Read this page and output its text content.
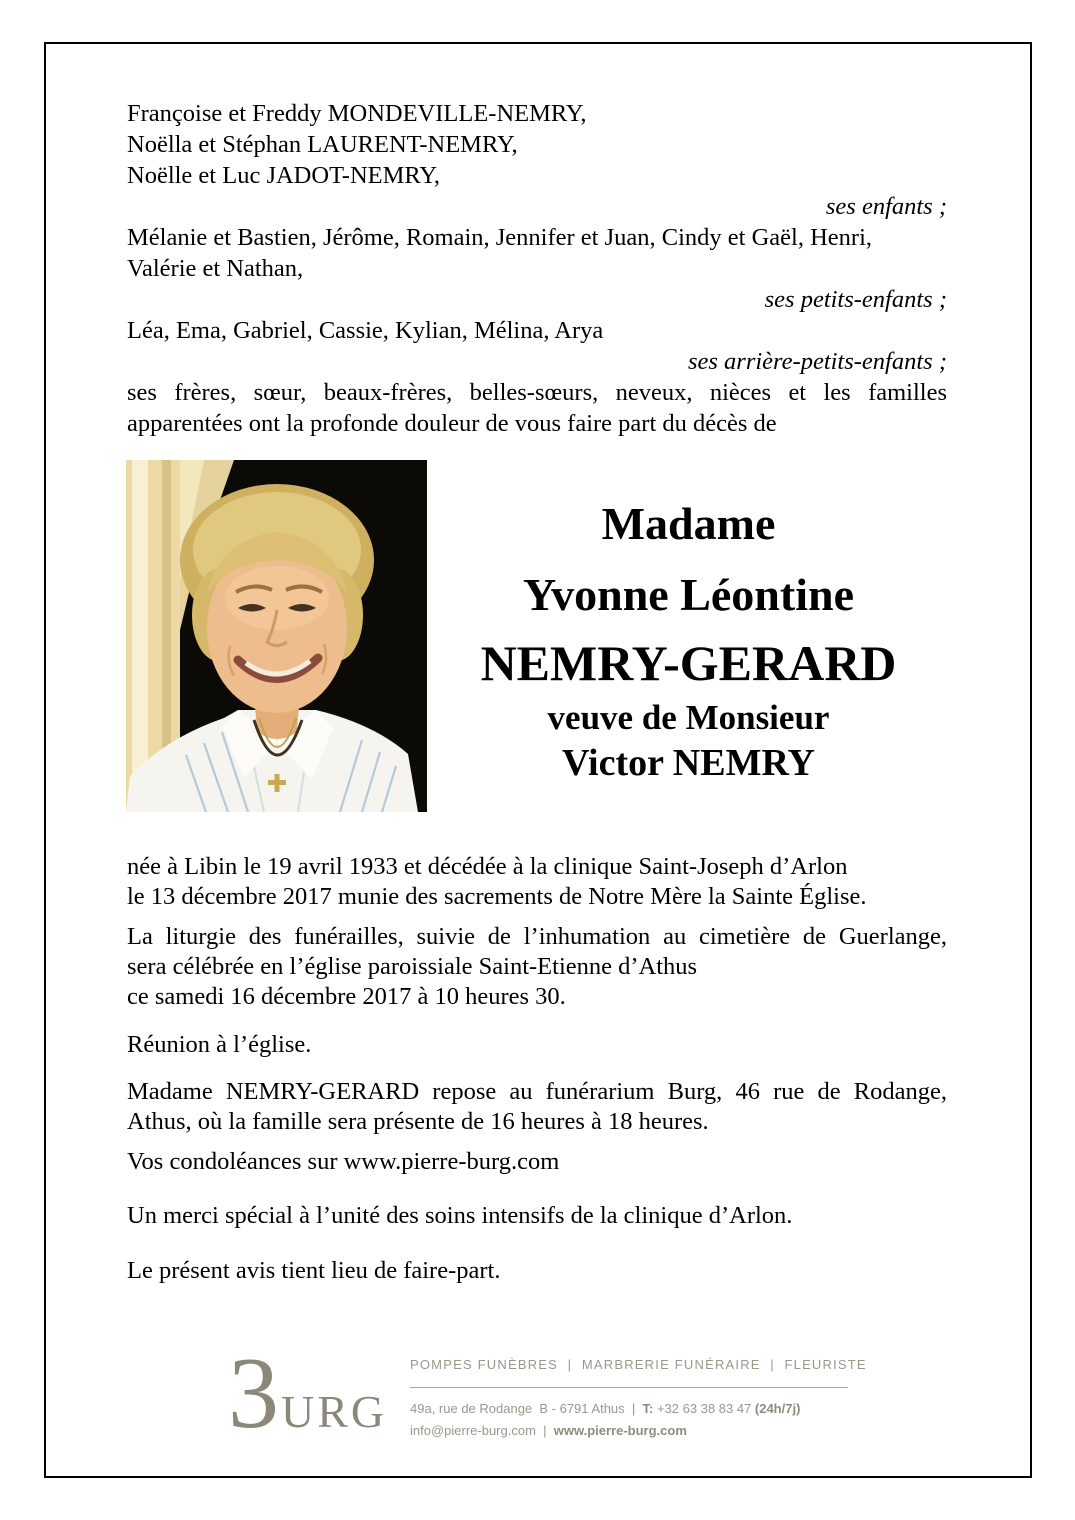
Françoise et Freddy MONDEVILLE-NEMRY,
Noëlla et Stéphan LAURENT-NEMRY,
Noëlle et Luc JADOT-NEMRY,
ses enfants ;
Mélanie et Bastien, Jérôme, Romain, Jennifer et Juan, Cindy et Gaël, Henri,
Valérie et Nathan,
ses petits-enfants ;
Léa, Ema, Gabriel, Cassie, Kylian, Mélina, Arya
ses arrière-petits-enfants ;
ses frères, sœur, beaux-frères, belles-sœurs, neveux, nièces et les familles
apparentées ont la profonde douleur de vous faire part du décès de
Madame
Yvonne Léontine
NEMRY-GERARD
veuve de Monsieur
Victor NEMRY
née à Libin le 19 avril 1933 et décédée à la clinique Saint-Joseph d’Arlon
le 13 décembre 2017 munie des sacrements de Notre Mère la Sainte Église.
La liturgie des funérailles, suivie de l’inhumation au cimetière de Guerlange,
sera célébrée en l’église paroissiale Saint-Etienne d’Athus
ce samedi 16 décembre 2017 à 10 heures 30.
Réunion à l’église.
Madame NEMRY-GERARD repose au funérarium Burg, 46 rue de Rodange,
Athus, où la famille sera présente de 16 heures à 18 heures.
Vos condoléances sur www.pierre-burg.com
Un merci spécial à l’unité des soins intensifs de la clinique d’Arlon.
Le présent avis tient lieu de faire-part.
3 URG
POMPES FUNÈBRES  |  MARBRERIE FUNÉRAIRE  |  FLEURISTE
49a, rue de Rodange  B - 6791 Athus  |  T: +32 63 38 83 47 (24h/7j)
info@pierre-burg.com  |  www.pierre-burg.com
